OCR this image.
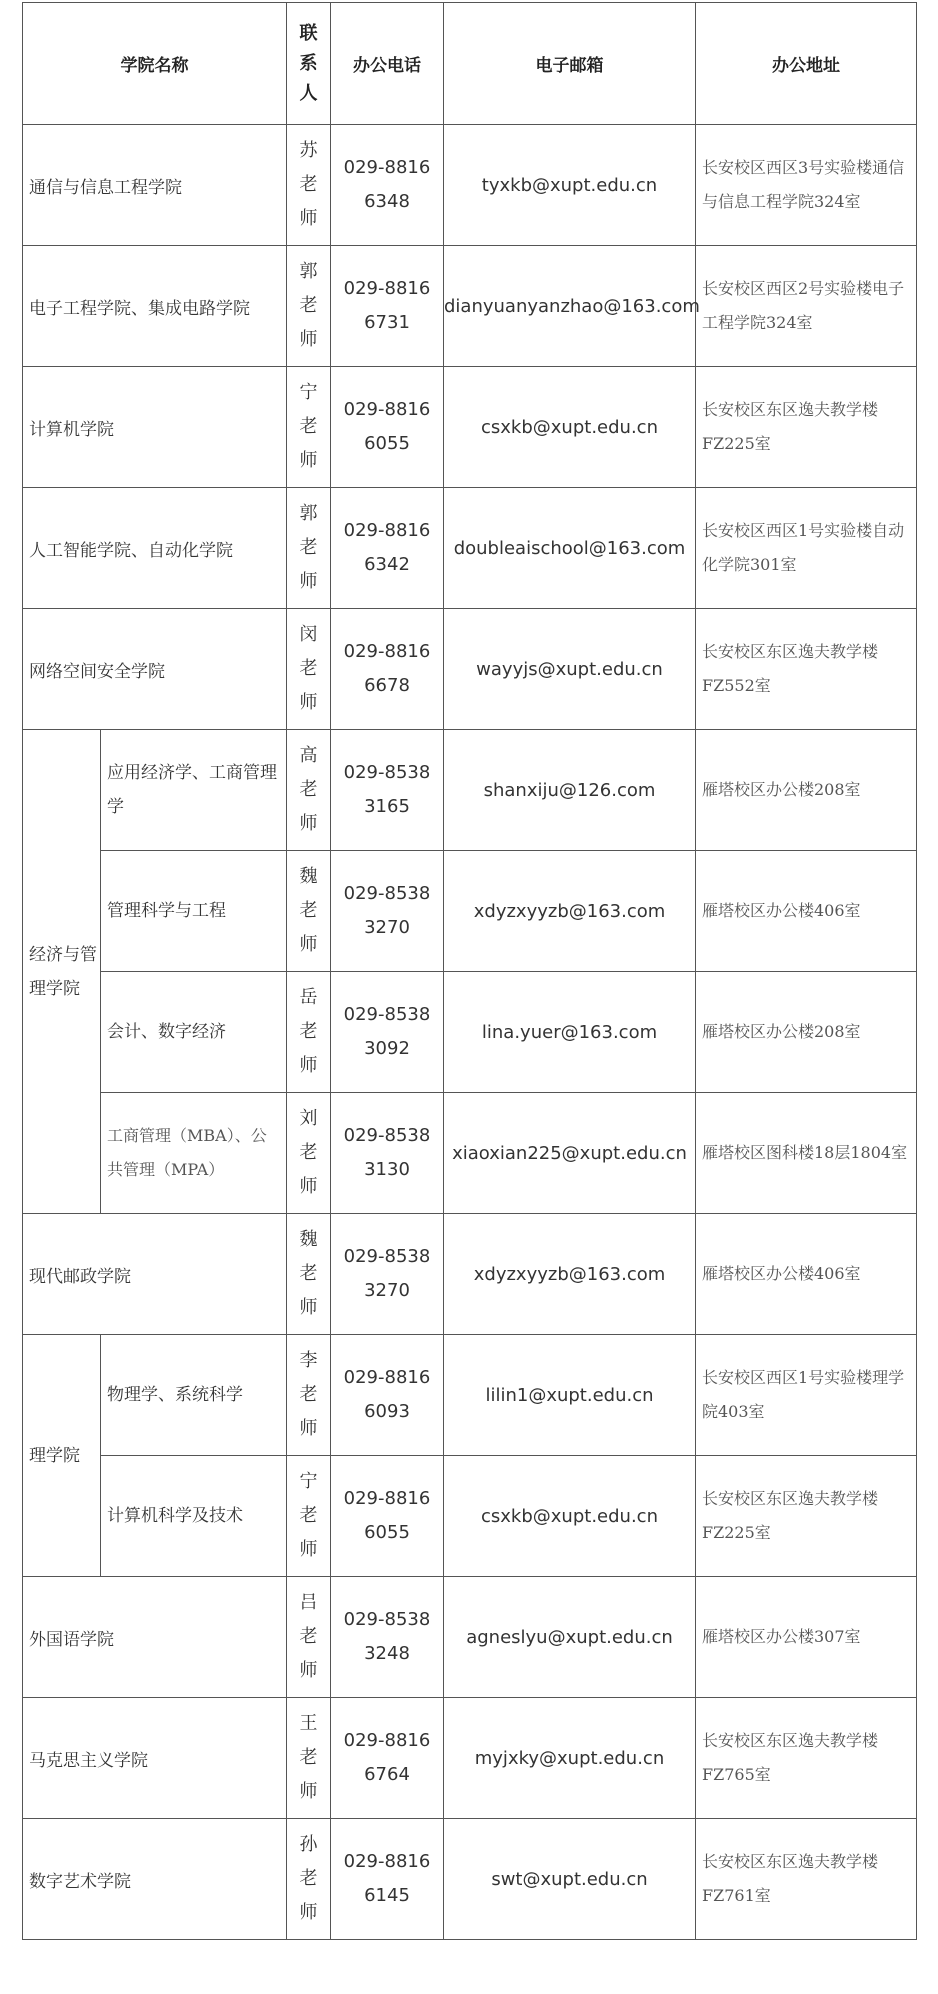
学院名称		联系人	办公电话	电子邮箱	办公地址
通信与信息工程学院		苏老师	029-88166348	tyxkb@xupt.edu.cn	长安校区西区3号实验楼通信与信息工程学院324室
电子工程学院、集成电路学院		郭老师	029-88166731	dianyuanyanzhao@163.com	长安校区西区2号实验楼电子工程学院324室
计算机学院		宁老师	029-88166055	csxkb@xupt.edu.cn	长安校区东区逸夫教学楼FZ225室
人工智能学院、自动化学院		郭老师	029-88166342	doubleaischool@163.com	长安校区西区1号实验楼自动化学院301室
网络空间安全学院		闵老师	029-88166678	wayyjs@xupt.edu.cn	长安校区东区逸夫教学楼FZ552室
经济与管理学院	应用经济学、工商管理学	高老师	029-85383165	shanxiju@126.com	雁塔校区办公楼208室
	管理科学与工程	魏老师	029-85383270	xdyzxyyzb@163.com	雁塔校区办公楼406室
	会计、数字经济	岳老师	029-85383092	lina.yuer@163.com	雁塔校区办公楼208室
	工商管理（MBA）、公共管理（MPA）	刘老师	029-85383130	xiaoxian225@xupt.edu.cn	雁塔校区图科楼18层1804室
现代邮政学院		魏老师	029-85383270	xdyzxyyzb@163.com	雁塔校区办公楼406室
理学院	物理学、系统科学	李老师	029-88166093	lilin1@xupt.edu.cn	长安校区西区1号实验楼理学院403室
	计算机科学及技术	宁老师	029-88166055	csxkb@xupt.edu.cn	长安校区东区逸夫教学楼FZ225室
外国语学院		吕老师	029-85383248	agneslyu@xupt.edu.cn	雁塔校区办公楼307室
马克思主义学院		王老师	029-88166764	myjxky@xupt.edu.cn	长安校区东区逸夫教学楼FZ765室
数字艺术学院		孙老师	029-88166145	swt@xupt.edu.cn	长安校区东区逸夫教学楼FZ761室
